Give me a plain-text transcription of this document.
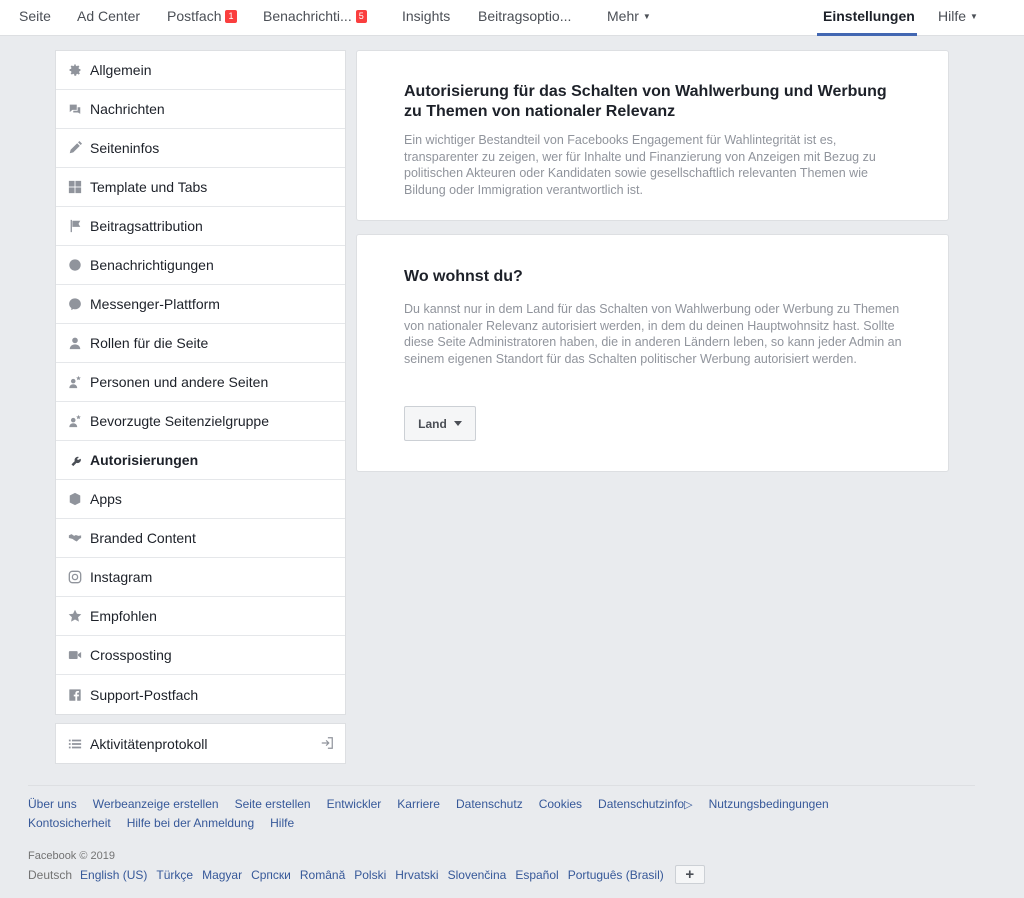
Seite Ad Center Postfach 1 Benachrichti... 5	Insights Beitragsoptio...	Mehr ▼	Einstellungen Hilfe ▼
Allgemein
Nachrichten
Seiteninfos
Template und Tabs
Beitragsattribution
Benachrichtigungen
Messenger-Plattform
Rollen für die Seite
Personen und andere Seiten
Bevorzugte Seitenzielgruppe
Autorisierungen
Apps
Branded Content
Instagram
Empfohlen
Crossposting
Support-Postfach
Aktivitätenprotokoll
Autorisierung für das Schalten von Wahlwerbung und Werbung zu Themen von nationaler Relevanz
Ein wichtiger Bestandteil von Facebooks Engagement für Wahlintegrität ist es, transparenter zu zeigen, wer für Inhalte und Finanzierung von Anzeigen mit Bezug zu politischen Akteuren oder Kandidaten sowie gesellschaftlich relevanten Themen wie Bildung oder Immigration verantwortlich ist.
Wo wohnst du?
Du kannst nur in dem Land für das Schalten von Wahlwerbung oder Werbung zu Themen von nationaler Relevanz autorisiert werden, in dem du deinen Hauptwohnsitz hast. Sollte diese Seite Administratoren haben, die in anderen Ländern leben, so kann jeder Admin an seinem eigenen Standort für das Schalten politischer Werbung autorisiert werden.
Land
Über uns Werbeanzeige erstellen Seite erstellen Entwickler Karriere Datenschutz Cookies Datenschutzinfo▷ Nutzungsbedingungen
Kontosicherheit Hilfe bei der Anmeldung Hilfe
Facebook © 2019
Deutsch English (US) Türkçe Magyar Српски Română Polski Hrvatski Slovenčina Español Português (Brasil)	+
